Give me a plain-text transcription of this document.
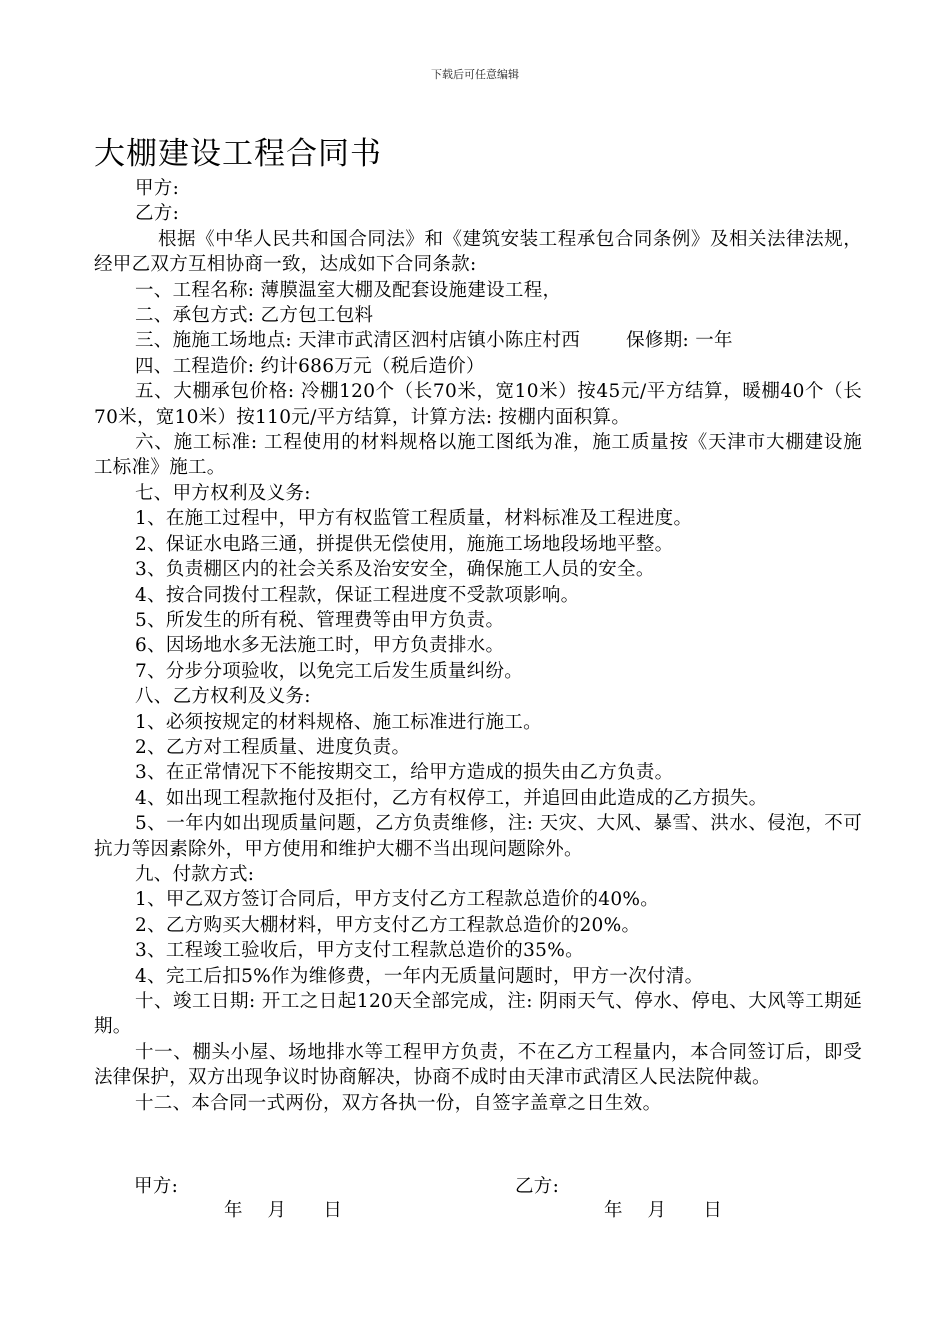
下载后可任意编辑
大棚建设工程合同书

甲方:

乙方:

根据《中华人民共和国合同法》和《建筑安装工程承包合同条例》及相关法律法规，经甲乙双方互相协商一致，达成如下合同条款:

一、工程名称: 薄膜温室大棚及配套设施建设工程，

二、承包方式: 乙方包工包料

三、施施工场地点: 天津市武清区泗村店镇小陈庄村西 保修期: 一年

四、工程造价: 约计686万元（税后造价）

五、大棚承包价格: 冷棚120个（长70米，宽10米）按45元/平方结算，暖棚40个（长70米，宽10米）按110元/平方结算，计算方法: 按棚内面积算。

六、施工标准: 工程使用的材料规格以施工图纸为准，施工质量按《天津市大棚建设施工标准》施工。

七、甲方权利及义务:

1、在施工过程中，甲方有权监管工程质量，材料标准及工程进度。

2、保证水电路三通，拼提供无偿使用，施施工场地段场地平整。

3、负责棚区内的社会关系及治安安全，确保施工人员的安全。

4、按合同拨付工程款，保证工程进度不受款项影响。

5、所发生的所有税、管理费等由甲方负责。

6、因场地水多无法施工时，甲方负责排水。

7、分步分项验收，以免完工后发生质量纠纷。

八、乙方权利及义务:

1、必须按规定的材料规格、施工标准进行施工。

2、乙方对工程质量、进度负责。

3、在正常情况下不能按期交工，给甲方造成的损失由乙方负责。

4、如出现工程款拖付及拒付，乙方有权停工，并追回由此造成的乙方损失。

5、一年内如出现质量问题，乙方负责维修，注: 天灾、大风、暴雪、洪水、侵泡，不可抗力等因素除外，甲方使用和维护大棚不当出现问题除外。

九、付款方式:

1、甲乙双方签订合同后，甲方支付乙方工程款总造价的40%。

2、乙方购买大棚材料，甲方支付乙方工程款总造价的20%。

3、工程竣工验收后，甲方支付工程款总造价的35%。

4、完工后扣5%作为维修费，一年内无质量问题时，甲方一次付清。

十、竣工日期: 开工之日起120天全部完成，注: 阴雨天气、停水、停电、大风等工期延期。

十一、棚头小屋、场地排水等工程甲方负责，不在乙方工程量内，本合同签订后，即受法律保护，双方出现争议时协商解决，协商不成时由天津市武清区人民法院仲裁。

十二、本合同一式两份，双方各执一份，自签字盖章之日生效。

甲方:	乙方:
年    月      日	年    月      日
